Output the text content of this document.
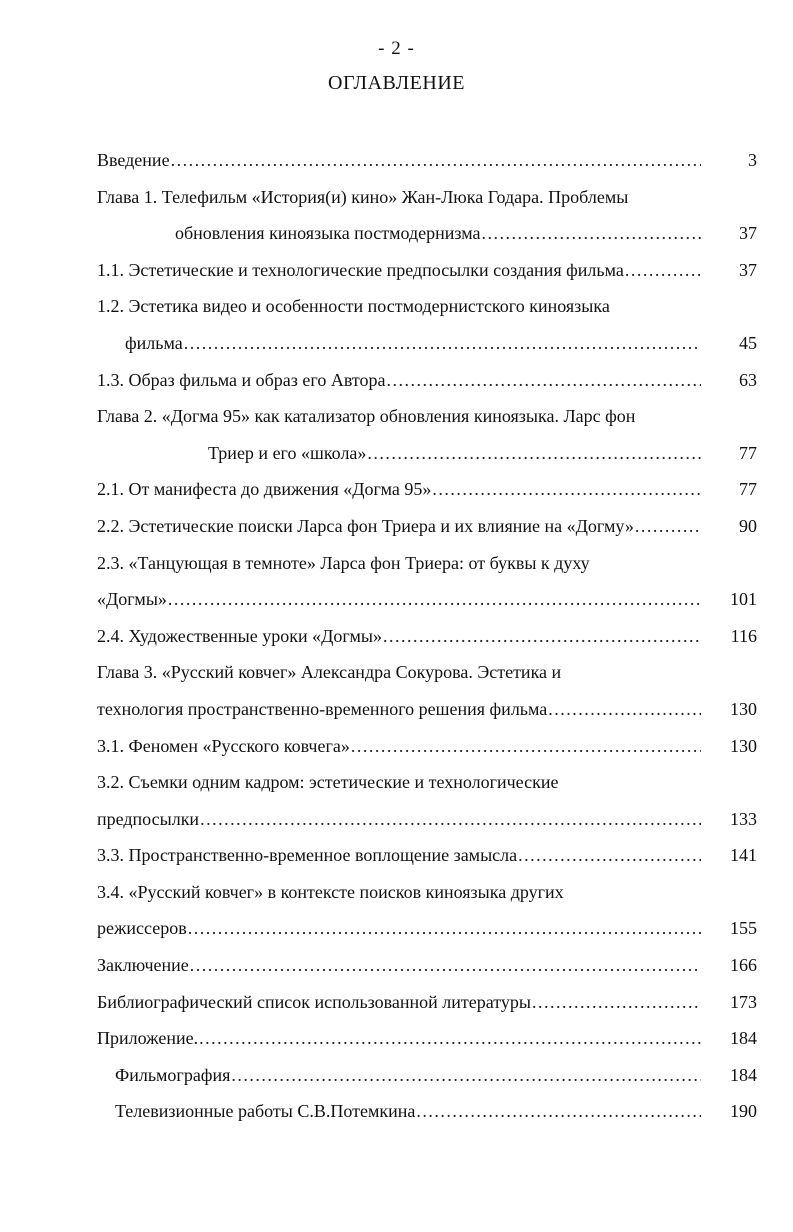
- 2 -
ОГЛАВЛЕНИЕ
Введение .....	3
Глава 1. Телефильм «История(и) кино» Жан-Люка Годара. Проблемы
обновления киноязыка постмодернизма .....	37
1.1. Эстетические и технологические предпосылки создания фильма .....	37
1.2. Эстетика видео и особенности постмодернистского киноязыка
фильма .....	45
1.3. Образ фильма и образ его Автора .....	63
Глава 2. «Догма 95» как катализатор обновления киноязыка. Ларс фон
Триер и его «школа» .....	77
2.1. От манифеста до движения «Догма 95» .....	77
2.2. Эстетические поиски Ларса фон Триера и их влияние на «Догму» .....	90
2.3. «Танцующая в темноте» Ларса фон Триера: от буквы к духу
«Догмы» .....	101
2.4. Художественные уроки «Догмы» .....	116
Глава 3. «Русский ковчег» Александра Сокурова. Эстетика и
технология пространственно-временного решения фильма .....	130
3.1. Феномен «Русского ковчега» .....	130
3.2. Съемки одним кадром: эстетические и технологические
предпосылки .....	133
3.3. Пространственно-временное воплощение замысла .....	141
3.4. «Русский ковчег» в контексте поисков киноязыка других
режиссеров .....	155
Заключение .....	166
Библиографический список использованной литературы .....	173
Приложение. .....	184
Фильмография .....	184
Телевизионные работы С.В.Потемкина .....	190
